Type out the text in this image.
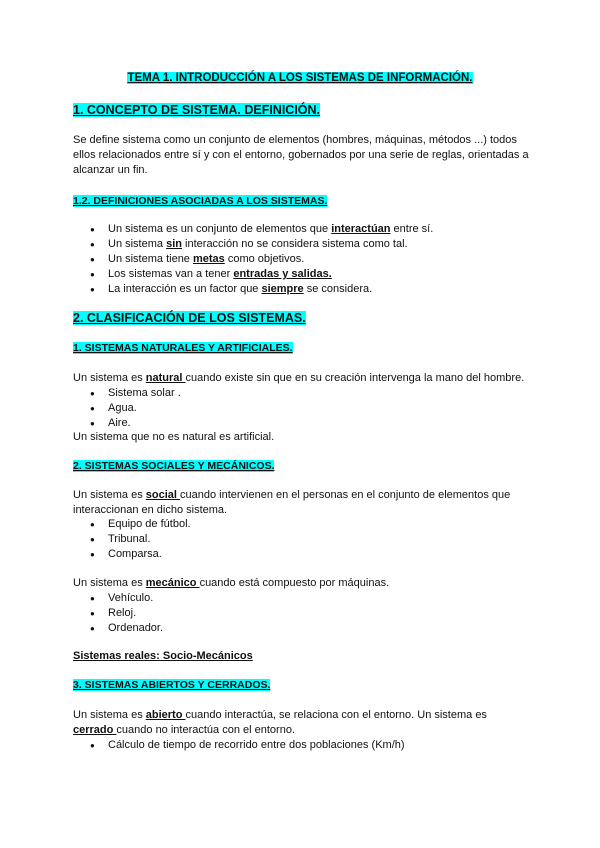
TEMA 1. INTRODUCCIÓN A LOS SISTEMAS DE INFORMACIÓN.
1. CONCEPTO DE SISTEMA. DEFINICIÓN.

Se define sistema como un conjunto de elementos (hombres, máquinas, métodos ...) todos ellos relacionados entre sí y con el entorno, gobernados por una serie de reglas, orientadas a alcanzar un fin.

1.2. DEFINICIONES ASOCIADAS A LOS SISTEMAS.
● Un sistema es un conjunto de elementos que interactúan entre sí.
● Un sistema sin interacción no se considera sistema como tal.
● Un sistema tiene metas como objetivos.
● Los sistemas van a tener entradas y salidas.
● La interacción es un factor que siempre se considera.
2. CLASIFICACIÓN DE LOS SISTEMAS.
1. SISTEMAS NATURALES Y ARTIFICIALES.

Un sistema es natural cuando existe sin que en su creación intervenga la mano del hombre.

● Sistema solar .
● Agua.
● Aire.

Un sistema que no es natural es artificial.

2. SISTEMAS SOCIALES Y MECÁNICOS.

Un sistema es social cuando intervienen en el personas en el conjunto de elementos que interaccionan en dicho sistema.

● Equipo de fútbol.
● Tribunal.
● Comparsa.

Un sistema es mecánico cuando está compuesto por máquinas.

● Vehículo.
● Reloj.
● Ordenador.
Sistemas reales: Socio-Mecánicos
3. SISTEMAS ABIERTOS Y CERRADOS.

Un sistema es abierto cuando interactúa, se relaciona con el entorno. Un sistema es
cerrado cuando no interactúa con el entorno.

● Cálculo de tiempo de recorrido entre dos poblaciones (Km/h)
